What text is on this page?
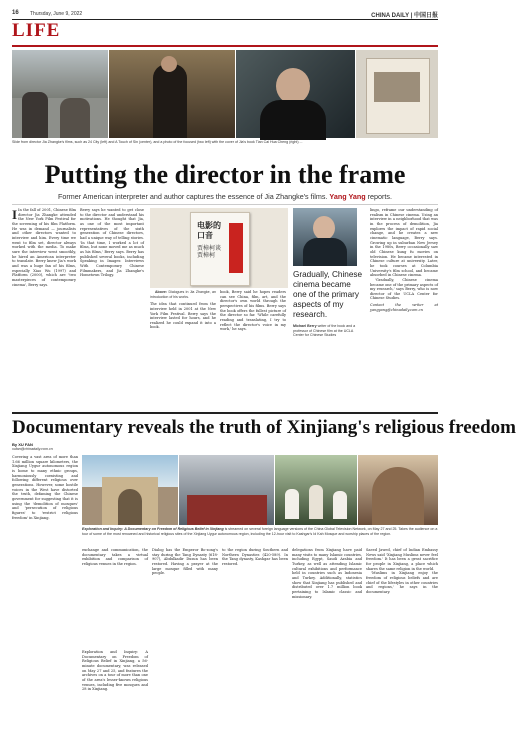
16 Thursday, June 9, 2022	CHINA DAILY | 中国日报
LIFE
Slide from director Jia Zhangke's films, such as 24 City (left) and A Touch of Sin (center), and a photo of the focused (two left) with the cover of Jia's book Tian Cai Hua Cheng (right) ...
Putting the director in the frame
Former American interpreter and author captures the essence of Jia Zhangke's films. Yang Yang reports.

I In the fall of 2001, Chinese film director Jia Zhangke attended the New York Film Festival for the screening of his film Platform. He was in demand — journalists and other directors wanted to interview and him. Every time we went to film set, director always worked with the media. To make sure the interview went smoothly, he hired an American interpreter to translate. Berry knew Jia's work and was a huge fan of his films, especially Xiao Wu (1997) and Platform (2000), which are 'two masterpieces of contemporary cinema', Berry says.

Berry says he wanted to get close to the director and understand his motivations. He thought that Jia, as one of the most important representatives of the sixth generation of Chinese directors, had a unique way of telling stories. 'In that time, I worked a lot of films, but none moved me as much as his films,' Berry says. Berry has published several books, including Speaking in Images: Interviews With Contemporary Chinese Filmmakers, and Jia Zhangke's Hometown Trilogy.

电影的口音
贾樟柯谈贾樟柯

Above: Dialogues in Jia Zhangke, an introduction of his works.

The idea that continued from the interview held in 2001 at the New York Film Festival. Berry says the interview lasted for hours, and he realized he could expand it into a book.

book, Berry said he hopes readers can see China, film, art, and the director's own world through the perspectives of his films. Berry says the book offers the fullest picture of the director so far. 'While carefully reading and translating, I try to reflect the director's voice in my work,' he says.

Gradually, Chinese cinema became one of the primary aspects of my research.
Michael Berry writer of the book and a professor of Chinese film at the UCLA Center for Chinese Studies

lingo, reframe our understanding of realism in Chinese cinema. Using an interview in a neighborhood that was in the process of demolition, Jia explores the impact of rapid social change, and he creates a new cinematic language, Berry says. Growing up in suburban New Jersey in the 1980s, Berry occasionally saw old Chinese kung fu movies on television. He became interested in Chinese culture at university. Later, he took courses at Columbia University's film school, and became absorbed in Chinese cinema.

'Gradually, Chinese cinema became one of the primary aspects of my research,' says Berry, who is now director of the UCLA Center for Chinese Studies.

Contact the writer at yangyang@chinadaily.com.cn

Documentary reveals the truth of Xinjiang's religious freedom
By XU FAN
xufan@chinadaily.com.cn

Covering a vast area of more than 1.66 million square kilometers, the Xinjiang Uygur autonomous region is home to many ethnic groups, harmoniously coexisting and following different religious over generations. However, some hostile voices in the West have distorted the truth, defaming the Chinese government for suggesting that it is using the 'demolition of mosques' and 'persecution of religious figures' to 'restrict religious freedom' in Xinjiang.

Exploration and Inquiry: A Documentary on Freedom of Religious Belief in Xinjiang, a 56-minute documentary, was released on May 27 and 25, and features the archives on a tour of more than one of the area's lesser-known religious venues, including five mosques and 28 in Xinjiang.

Exploration and Inquiry: A Documentary on Freedom of Religious Belief in Xinjiang is streamed on several foreign language versions of the China Global Television Network, on May 27 and 25. Takes the audience on a tour of some of the most renowned and historical religious sites of the Xinjiang Uygur autonomous region, including the 12-hour visit to Kashgar's Id Kah Mosque and worship places of the region.

exchange and communication, the documentary takes a virtual exhibition and comparison of religious venues in the region.

Dialog has the Emperor Bo-zong's stay during the Tang Dynasty (618-907), Abdulkadir Dusun has been restored. Having a prayer at the large mosque filled with many people.

to the region during Southern and Northern Dynasties (420-589). In the Tang dynasty, Kashgar has been restored.

delegations from Xinjiang have paid many visits to many Islamic countries, including Egypt, Saudi Arabia and Turkey, as well as attending Islamic cultural exhibitions and performance held in countries such as Indonesia and Turkey. Additionally, statistics show that Xinjiang has published and distributed over 1.7 million book pertaining to Islamic classic and missionary.

Saeed Jawed, chief of Indian Embassy News said 'Xinjiang Muslims never feel freedom.' It has been a great sacrifice for people in Xinjiang, a place which shares the same religion in the world.

'Muslims in Xinjiang enjoy the freedom of religious beliefs and are chief of the lifestyles in other countries and regions,' he says in the documentary.
